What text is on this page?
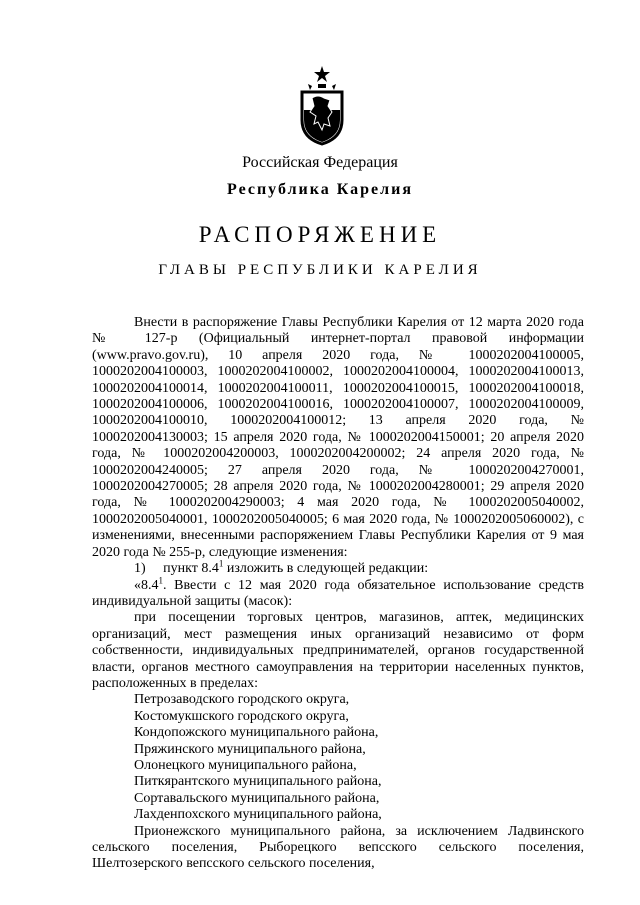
Российская Федерация
Республика Карелия
РАСПОРЯЖЕНИЕ
ГЛАВЫ РЕСПУБЛИКИ КАРЕЛИЯ

Внести в распоряжение Главы Республики Карелия от 12 марта 2020 года № 127-р (Официальный интернет-портал правовой информации (www.pravo.gov.ru), 10 апреля 2020 года, № 1000202004100005, 1000202004100003, 1000202004100002, 1000202004100004, 1000202004100013, 1000202004100014, 1000202004100011, 1000202004100015, 1000202004100018, 1000202004100006, 1000202004100016, 1000202004100007, 1000202004100009, 1000202004100010, 1000202004100012; 13 апреля 2020 года, № 1000202004130003; 15 апреля 2020 года, № 1000202004150001; 20 апреля 2020 года, № 1000202004200003, 1000202004200002; 24 апреля 2020 года, № 1000202004240005; 27 апреля 2020 года, № 1000202004270001, 1000202004270005; 28 апреля 2020 года, № 1000202004280001; 29 апреля 2020 года, № 1000202004290003; 4 мая 2020 года, № 1000202005040002, 1000202005040001, 1000202005040005; 6 мая 2020 года, № 1000202005060002), с изменениями, внесенными распоряжением Главы Республики Карелия от 9 мая 2020 года № 255-р, следующие изменения:

1)     пункт $8.4^1$ изложить в следующей редакции:

«$8.4^1$. Ввести с 12 мая 2020 года обязательное использование средств индивидуальной защиты (масок):

при посещении торговых центров, магазинов, аптек, медицинских организаций, мест размещения иных организаций независимо от форм собственности, индивидуальных предпринимателей, органов государственной власти, органов местного самоуправления на территории населенных пунктов, расположенных в пределах:

Петрозаводского городского округа,

Костомукшского городского округа,

Кондопожского муниципального района,

Пряжинского муниципального района,

Олонецкого муниципального района,

Питкярантского муниципального района,

Сортавальского муниципального района,

Лахденпохского муниципального района,

Прионежского муниципального района, за исключением Ладвинского сельского поселения, Рыборецкого вепсского сельского поселения, Шелтозерского вепсского сельского поселения,
